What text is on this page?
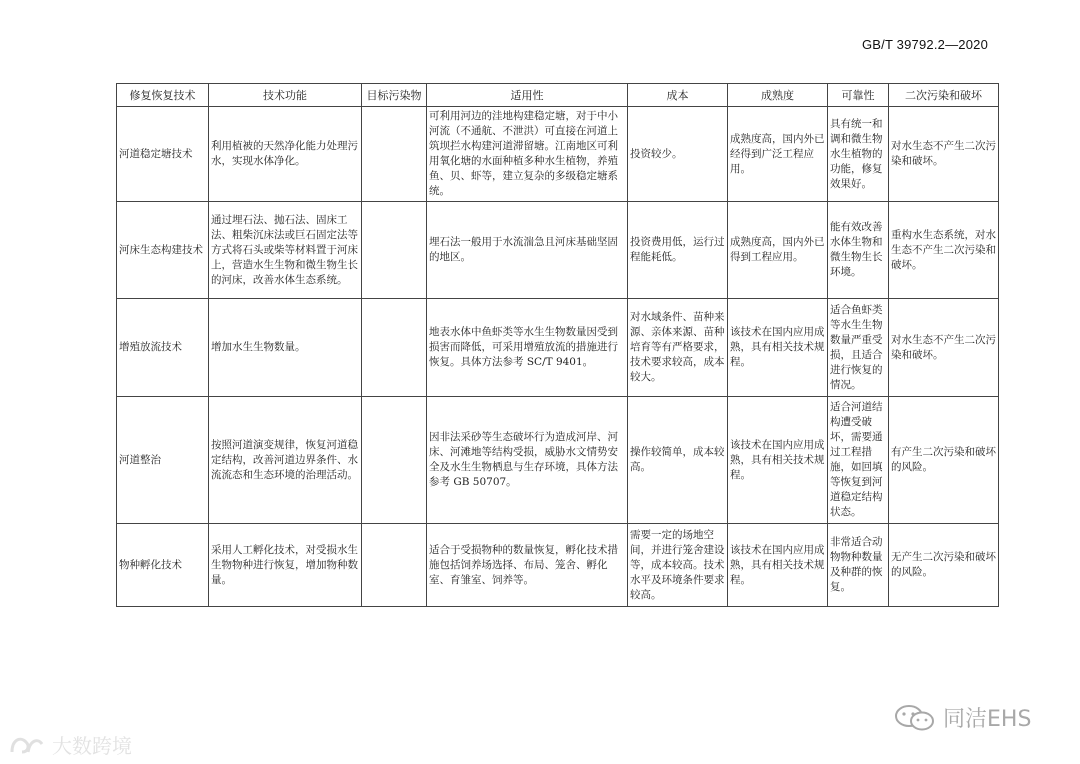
GB/T 39792.2—2020
修复恢复技术	技术功能	目标污染物	适用性	成本	成熟度	可靠性	二次污染和破坏
河道稳定塘技术	利用植被的天然净化能力处理污水，实现水体净化。		可利用河边的洼地构建稳定塘，对于中小河流（不通航、不泄洪）可直接在河道上筑坝拦水构建河道滞留塘。江南地区可利用氧化塘的水面种植多种水生植物，养殖鱼、贝、虾等，建立复杂的多级稳定塘系统。	投资较少。	成熟度高，国内外已经得到广泛工程应用。	具有统一和调和微生物水生植物的功能，修复效果好。	对水生态不产生二次污染和破坏。
河床生态构建技术	通过埋石法、抛石法、固床工法、粗柴沉床法或巨石固定法等方式将石头或柴等材料置于河床上，营造水生生物和微生物生长的河床，改善水体生态系统。		埋石法一般用于水流湍急且河床基础坚固的地区。	投资费用低，运行过程能耗低。	成熟度高，国内外已得到工程应用。	能有效改善水体生物和微生物生长环境。	重构水生态系统，对水生态不产生二次污染和破坏。
增殖放流技术	增加水生生物数量。		地表水体中鱼虾类等水生生物数量因受到损害而降低，可采用增殖放流的措施进行恢复。具体方法参考 SC/T 9401。	对水域条件、苗种来源、亲体来源、苗种培育等有严格要求，技术要求较高，成本较大。	该技术在国内应用成熟，具有相关技术规程。	适合鱼虾类等水生生物数量严重受损，且适合进行恢复的情况。	对水生态不产生二次污染和破坏。
河道整治	按照河道演变规律，恢复河道稳定结构，改善河道边界条件、水流流态和生态环境的治理活动。		因非法采砂等生态破坏行为造成河岸、河床、河滩地等结构受损，威胁水文情势安全及水生生物栖息与生存环境，具体方法参考 GB 50707。	操作较简单，成本较高。	该技术在国内应用成熟，具有相关技术规程。	适合河道结构遭受破坏，需要通过工程措施，如回填等恢复到河道稳定结构状态。	有产生二次污染和破坏的风险。
物种孵化技术	采用人工孵化技术，对受损水生生物物种进行恢复，增加物种数量。		适合于受损物种的数量恢复，孵化技术措施包括饲养场选择、布局、笼舍、孵化室、育雏室、饲养等。	需要一定的场地空间，并进行笼舍建设等，成本较高。技术水平及环境条件要求较高。	该技术在国内应用成熟，具有相关技术规程。	非常适合动物物种数量及种群的恢复。	无产生二次污染和破坏的风险。
大数跨境
同洁EHS
